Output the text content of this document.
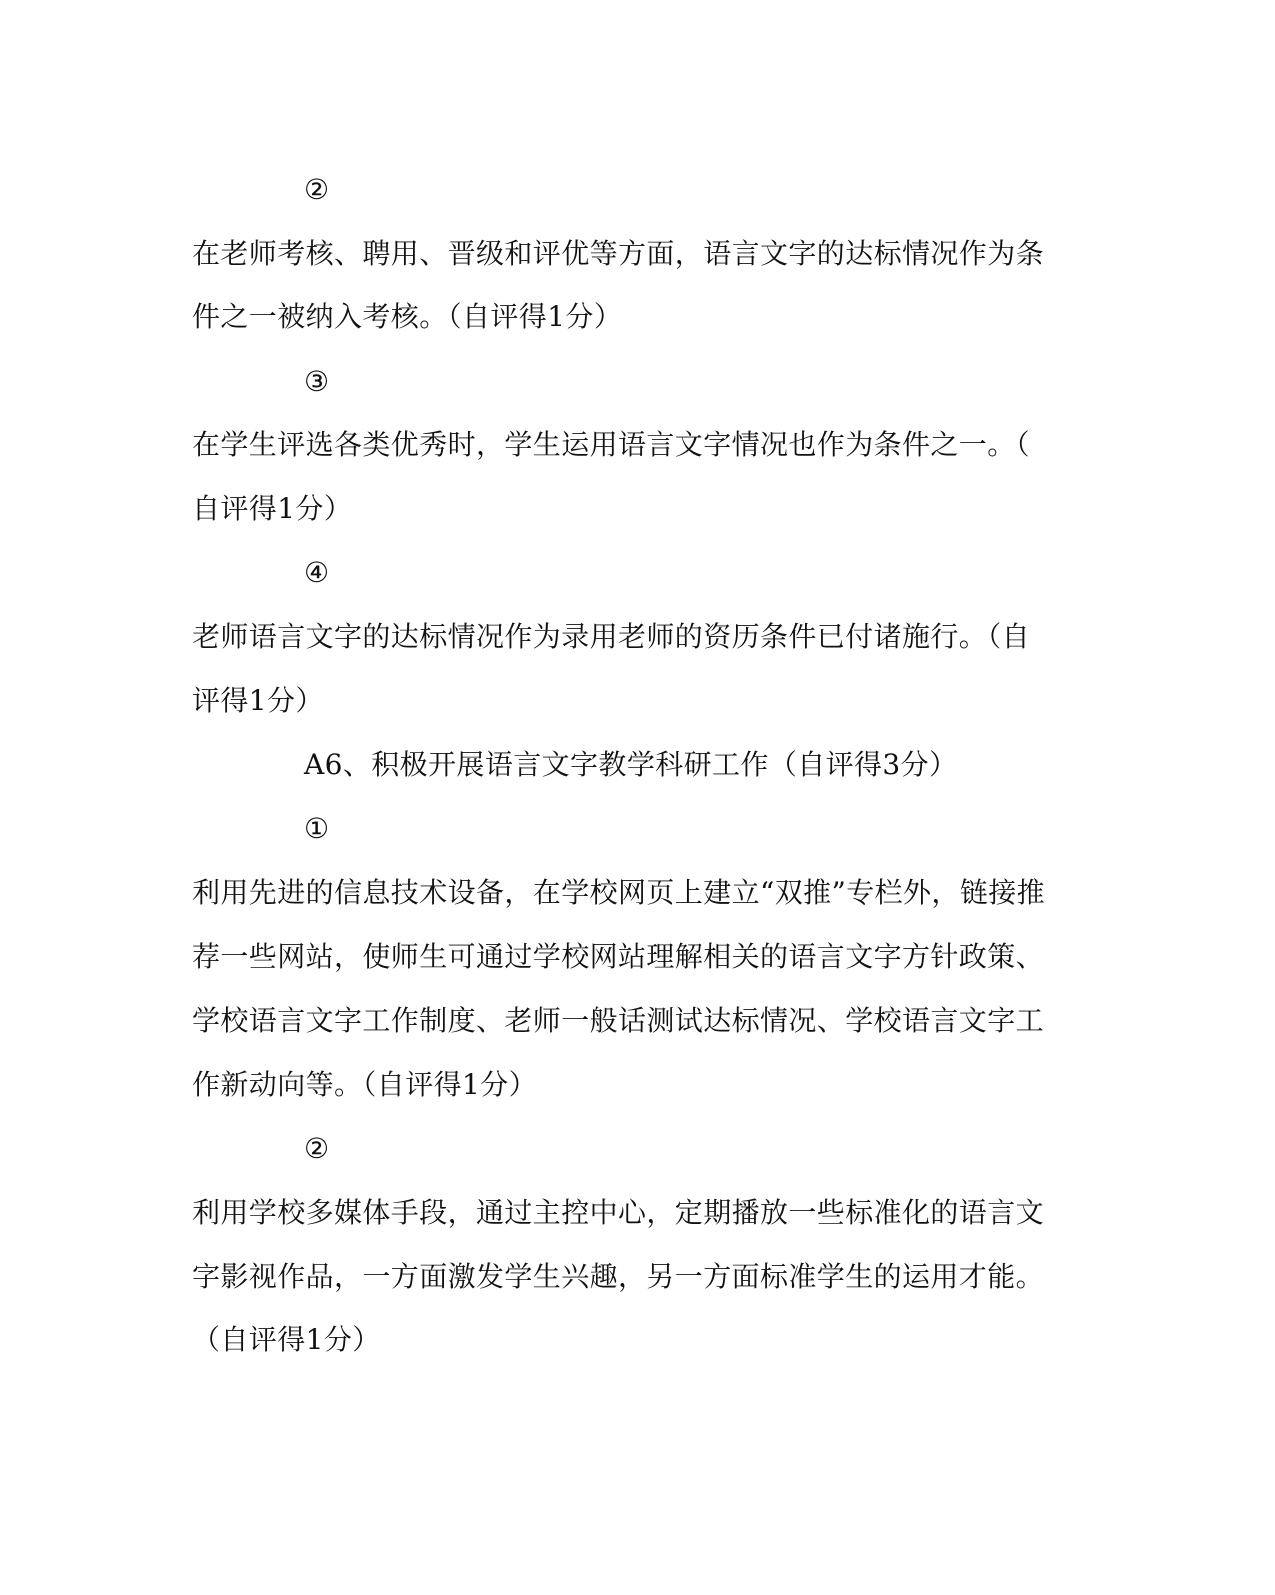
②
在老师考核、聘用、晋级和评优等方面，语言文字的达标情况作为条
件之一被纳入考核。（自评得1分）
③
在学生评选各类优秀时，学生运用语言文字情况也作为条件之一。（
自评得1分）
④
老师语言文字的达标情况作为录用老师的资历条件已付诸施行。（自
评得1分）
A6、积极开展语言文字教学科研工作（自评得3分）
①
利用先进的信息技术设备，在学校网页上建立“双推”专栏外，链接推
荐一些网站，使师生可通过学校网站理解相关的语言文字方针政策、
学校语言文字工作制度、老师一般话测试达标情况、学校语言文字工
作新动向等。（自评得1分）
②
利用学校多媒体手段，通过主控中心，定期播放一些标准化的语言文
字影视作品，一方面激发学生兴趣，另一方面标准学生的运用才能。
（自评得1分）
